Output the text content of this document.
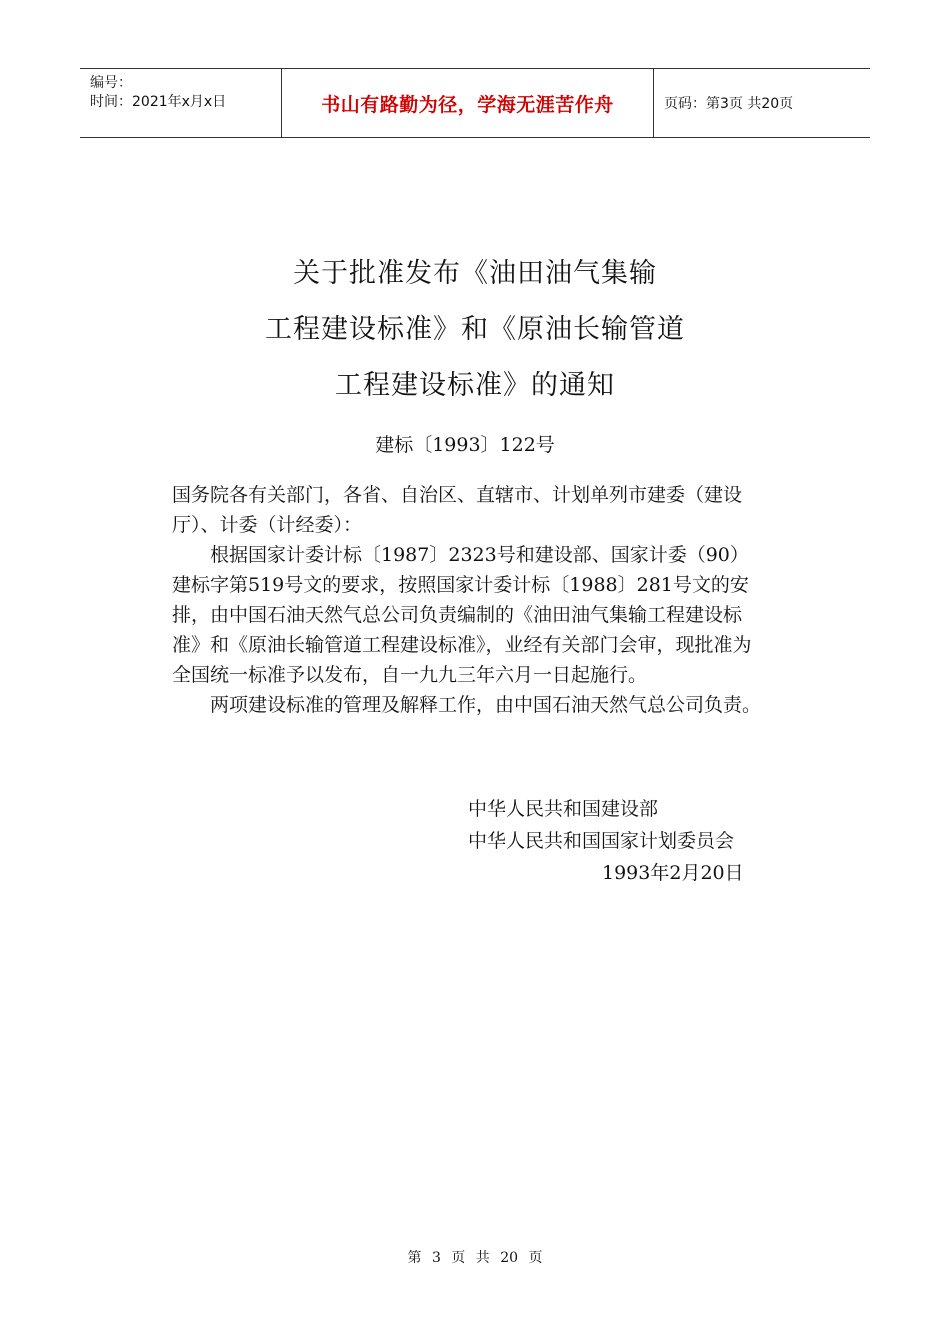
编号：
时间：2021年x月x日	书山有路勤为径，学海无涯苦作舟	页码：第3页 共20页
关于批准发布《油田油气集输
工程建设标准》和《原油长输管道
工程建设标准》的通知
建标〔1993〕122号

国务院各有关部门，各省、自治区、直辖市、计划单列市建委（建设厅）、计委（计经委）：

根据国家计委计标〔1987〕2323号和建设部、国家计委（90）建标字第519号文的要求，按照国家计委计标〔1988〕281号文的安排，由中国石油天然气总公司负责编制的《油田油气集输工程建设标准》和《原油长输管道工程建设标准》，业经有关部门会审，现批准为全国统一标准予以发布，自一九九三年六月一日起施行。

两项建设标准的管理及解释工作，由中国石油天然气总公司负责。

中华人民共和国建设部
中华人民共和国国家计划委员会
1993年2月20日
第 3 页 共 20 页
